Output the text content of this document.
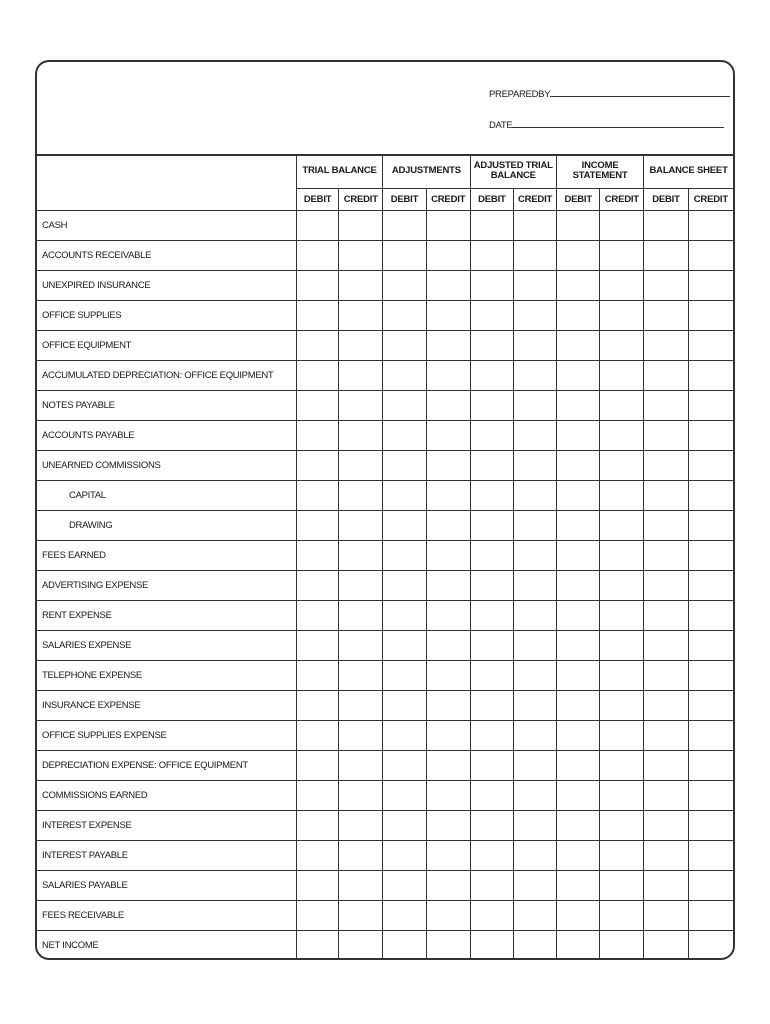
PREPAREDBY
DATE
	TRIAL BALANCE		ADJUSTMENTS		ADJUSTED TRIAL BALANCE		INCOME STATEMENT		BALANCE SHEET	
	DEBIT	CREDIT	DEBIT	CREDIT	DEBIT	CREDIT	DEBIT	CREDIT	DEBIT	CREDIT
CASH										
ACCOUNTS RECEIVABLE										
UNEXPIRED INSURANCE										
OFFICE SUPPLIES										
OFFICE EQUIPMENT										
ACCUMULATED DEPRECIATION: OFFICE EQUIPMENT										
NOTES PAYABLE										
ACCOUNTS PAYABLE										
UNEARNED COMMISSIONS										
CAPITAL										
DRAWING										
FEES EARNED										
ADVERTISING EXPENSE										
RENT EXPENSE										
SALARIES EXPENSE										
TELEPHONE EXPENSE										
INSURANCE EXPENSE										
OFFICE SUPPLIES EXPENSE										
DEPRECIATION EXPENSE: OFFICE EQUIPMENT										
COMMISSIONS EARNED										
INTEREST EXPENSE										
INTEREST PAYABLE										
SALARIES PAYABLE										
FEES RECEIVABLE										
NET INCOME										
